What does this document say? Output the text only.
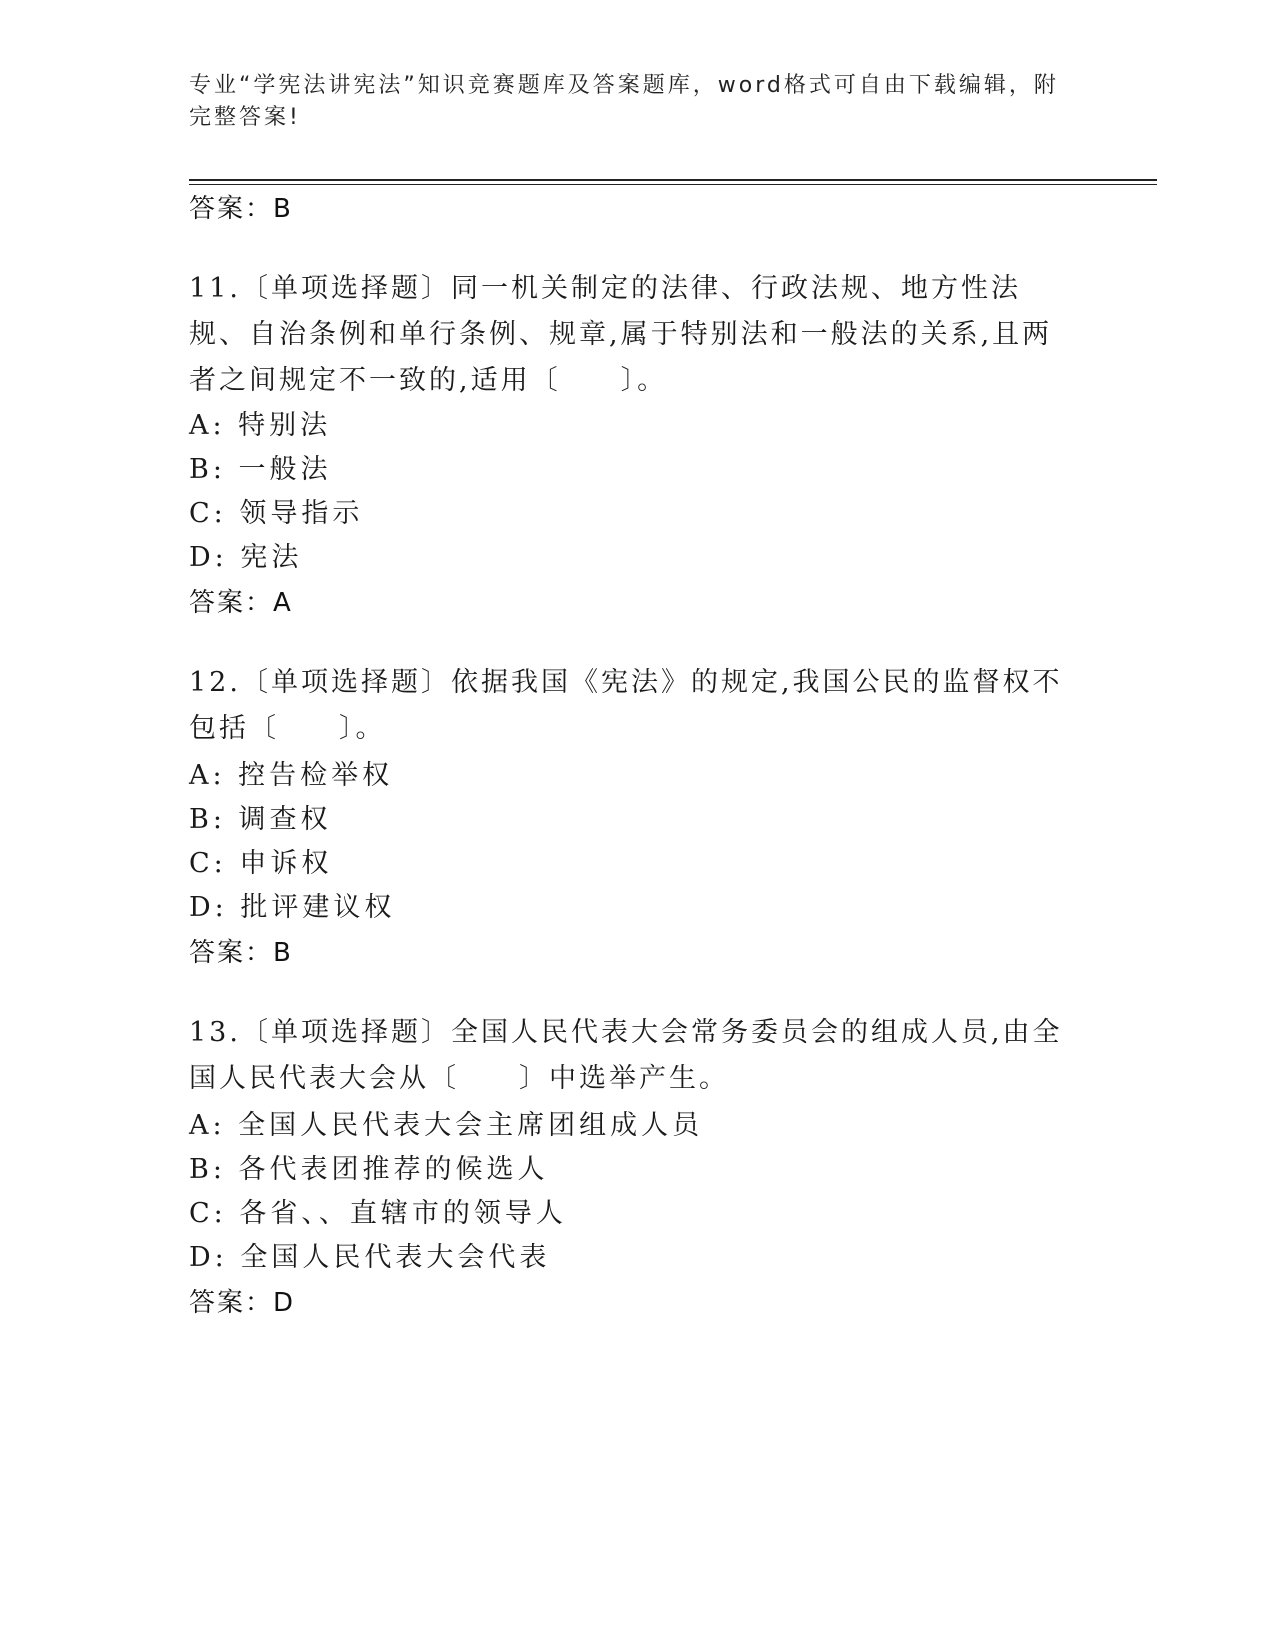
专业“学宪法讲宪法”知识竞赛题库及答案题库，word格式可自由下载编辑，附完整答案!
答案：B
11.〔单项选择题〕同一机关制定的法律、行政法规、地方性法规、自治条例和单行条例、规章,属于特别法和一般法的关系,且两者之间规定不一致的,适用〔　　〕。
A: 特别法
B: 一般法
C: 领导指示
D: 宪法
答案：A
12.〔单项选择题〕依据我国《宪法》的规定,我国公民的监督权不包括〔　　〕。
A: 控告检举权
B: 调查权
C: 申诉权
D: 批评建议权
答案：B
13.〔单项选择题〕全国人民代表大会常务委员会的组成人员,由全国人民代表大会从〔　　〕中选举产生。
A: 全国人民代表大会主席团组成人员
B: 各代表团推荐的候选人
C: 各省、、直辖市的领导人
D: 全国人民代表大会代表
答案：D
